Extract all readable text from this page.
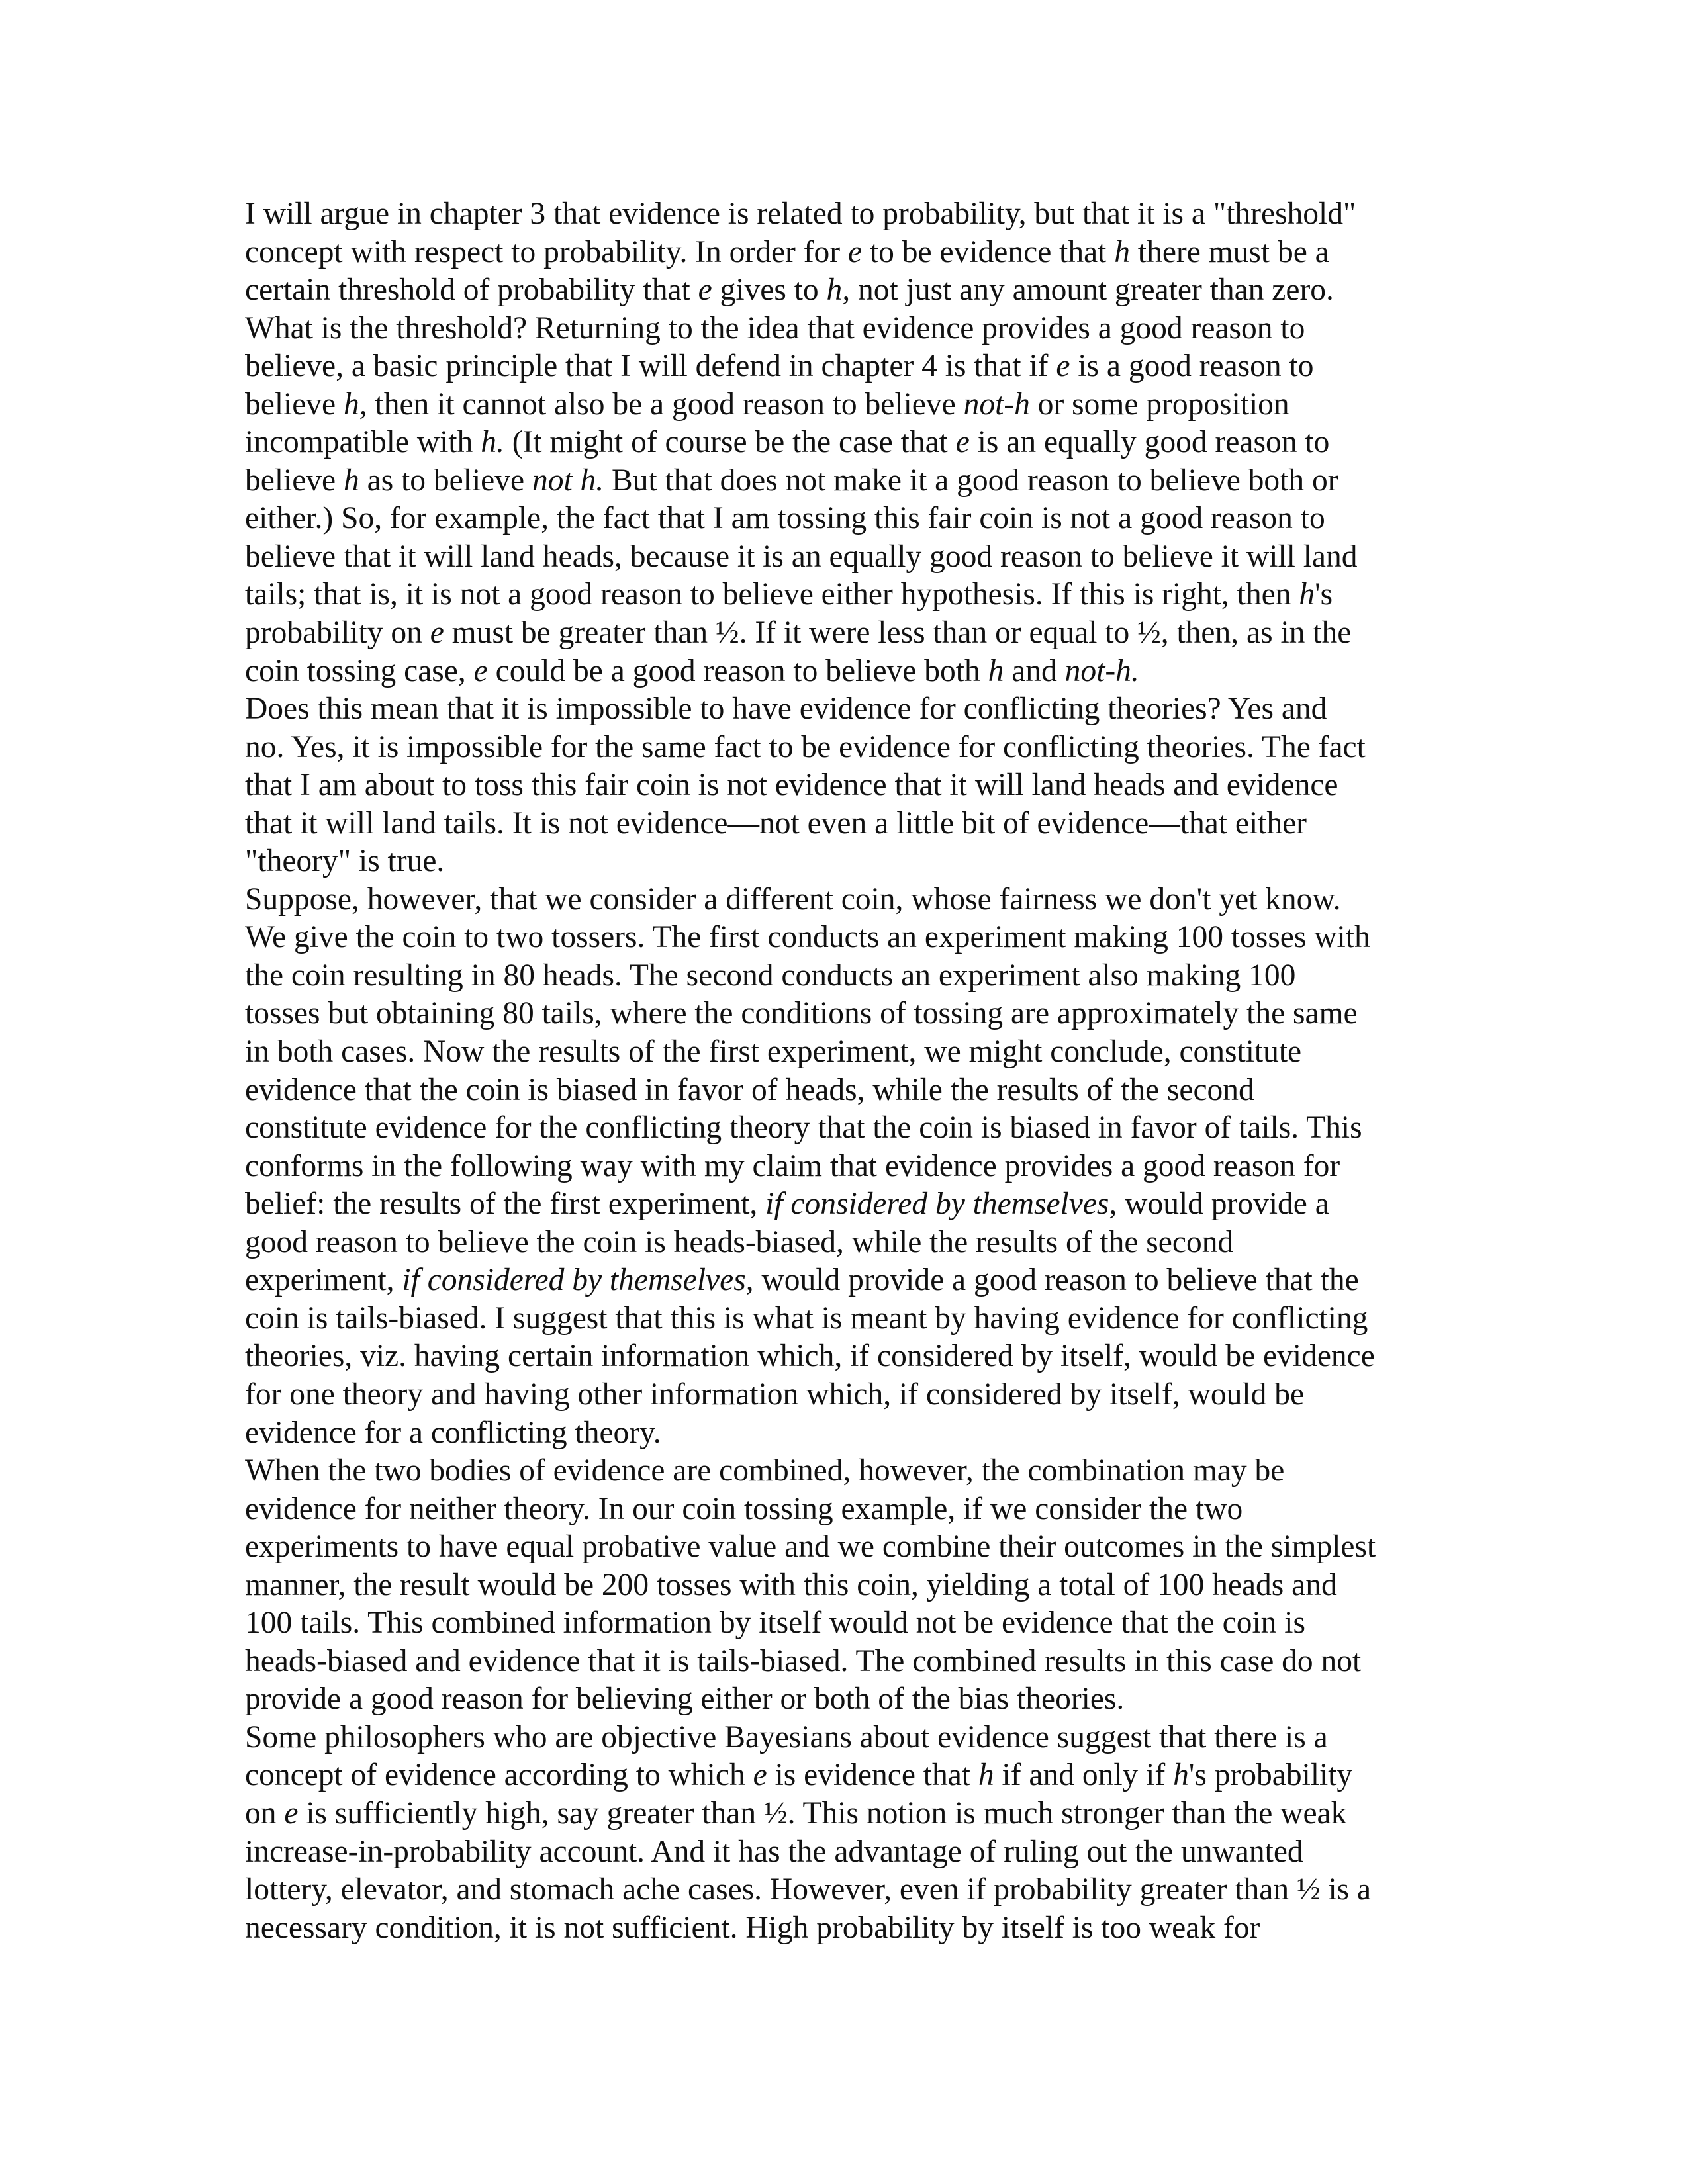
I will argue in chapter 3 that evidence is related to probability, but that it is a "threshold"
concept with respect to probability. In order for e to be evidence that h there must be a
certain threshold of probability that e gives to h, not just any amount greater than zero.
What is the threshold? Returning to the idea that evidence provides a good reason to
believe, a basic principle that I will defend in chapter 4 is that if e is a good reason to
believe h, then it cannot also be a good reason to believe not-h or some proposition
incompatible with h. (It might of course be the case that e is an equally good reason to
believe h as to believe not h. But that does not make it a good reason to believe both or
either.) So, for example, the fact that I am tossing this fair coin is not a good reason to
believe that it will land heads, because it is an equally good reason to believe it will land
tails; that is, it is not a good reason to believe either hypothesis. If this is right, then h's
probability on e must be greater than ½. If it were less than or equal to ½, then, as in the
coin tossing case, e could be a good reason to believe both h and not-h.
Does this mean that it is impossible to have evidence for conflicting theories? Yes and
no. Yes, it is impossible for the same fact to be evidence for conflicting theories. The fact
that I am about to toss this fair coin is not evidence that it will land heads and evidence
that it will land tails. It is not evidence—not even a little bit of evidence—that either
"theory" is true.
Suppose, however, that we consider a different coin, whose fairness we don't yet know.
We give the coin to two tossers. The first conducts an experiment making 100 tosses with
the coin resulting in 80 heads. The second conducts an experiment also making 100
tosses but obtaining 80 tails, where the conditions of tossing are approximately the same
in both cases. Now the results of the first experiment, we might conclude, constitute
evidence that the coin is biased in favor of heads, while the results of the second
constitute evidence for the conflicting theory that the coin is biased in favor of tails. This
conforms in the following way with my claim that evidence provides a good reason for
belief: the results of the first experiment, if considered by themselves, would provide a
good reason to believe the coin is heads-biased, while the results of the second
experiment, if considered by themselves, would provide a good reason to believe that the
coin is tails-biased. I suggest that this is what is meant by having evidence for conflicting
theories, viz. having certain information which, if considered by itself, would be evidence
for one theory and having other information which, if considered by itself, would be
evidence for a conflicting theory.
When the two bodies of evidence are combined, however, the combination may be
evidence for neither theory. In our coin tossing example, if we consider the two
experiments to have equal probative value and we combine their outcomes in the simplest
manner, the result would be 200 tosses with this coin, yielding a total of 100 heads and
100 tails. This combined information by itself would not be evidence that the coin is
heads-biased and evidence that it is tails-biased. The combined results in this case do not
provide a good reason for believing either or both of the bias theories.
Some philosophers who are objective Bayesians about evidence suggest that there is a
concept of evidence according to which e is evidence that h if and only if h's probability
on e is sufficiently high, say greater than ½. This notion is much stronger than the weak
increase-in-probability account. And it has the advantage of ruling out the unwanted
lottery, elevator, and stomach ache cases. However, even if probability greater than ½ is a
necessary condition, it is not sufficient. High probability by itself is too weak for
